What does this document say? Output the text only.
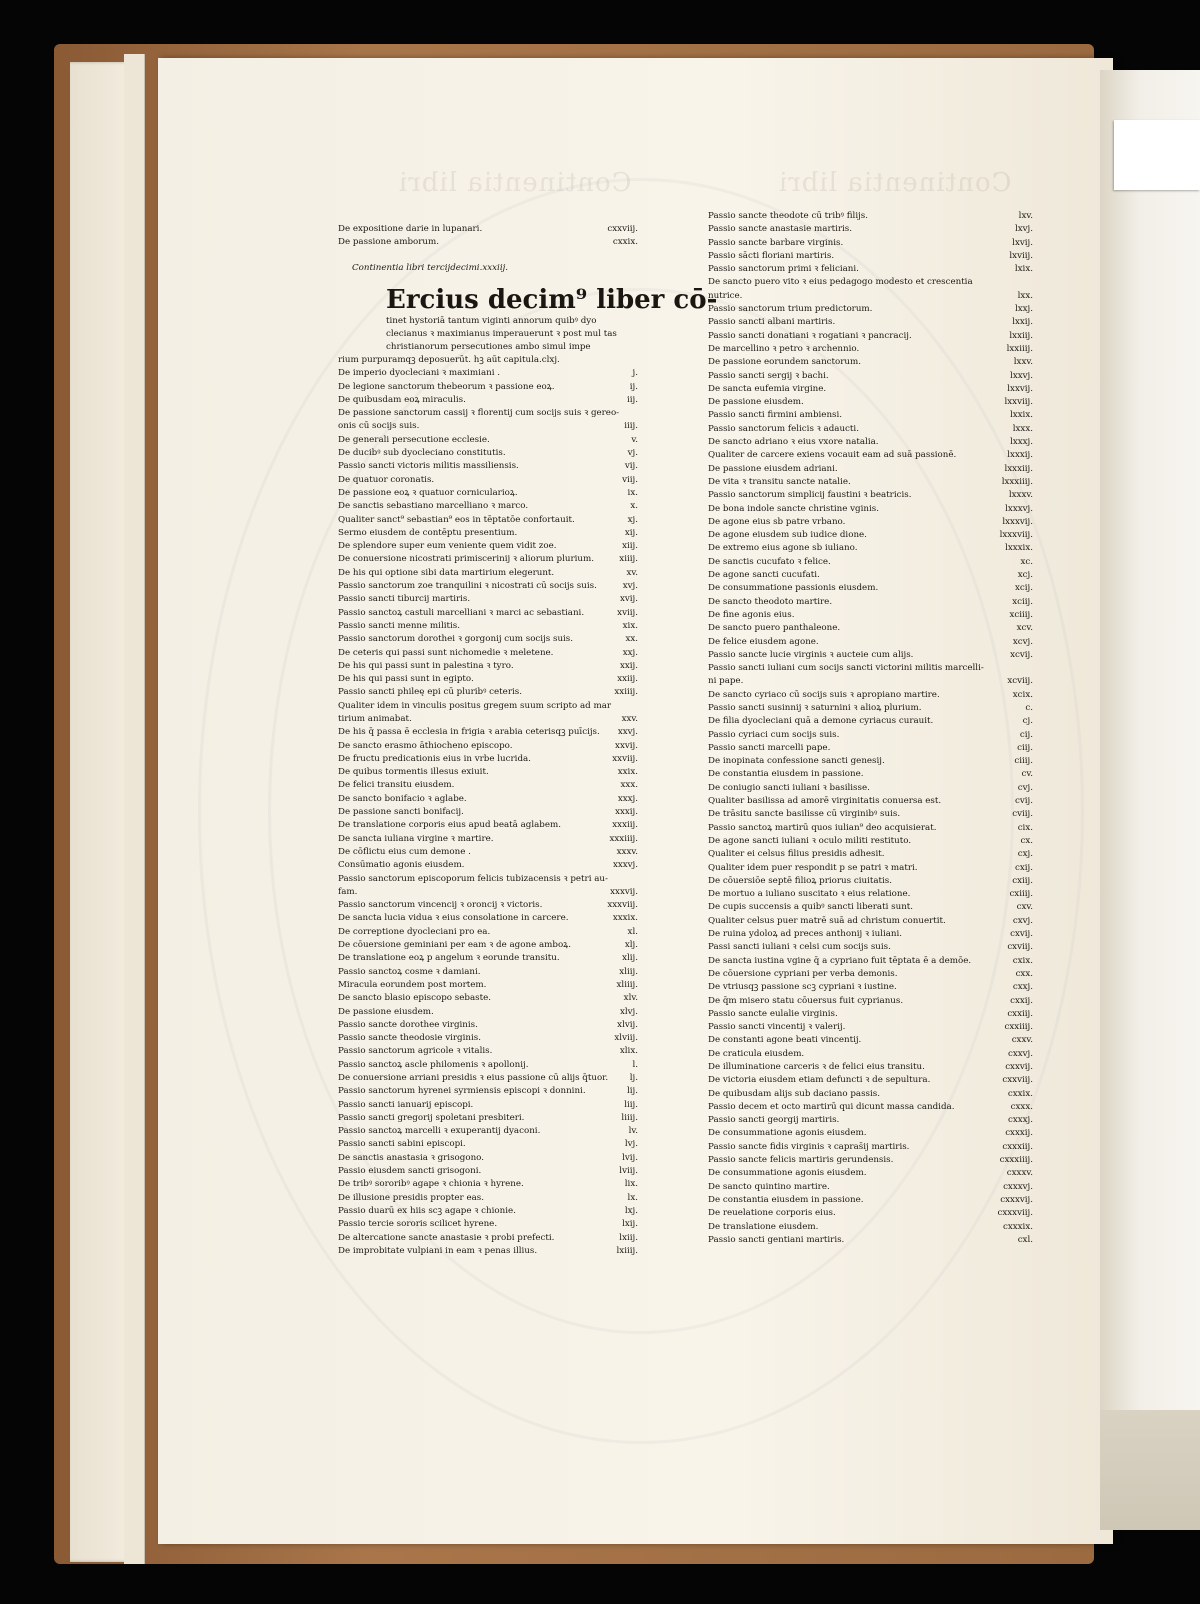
Continentia libri	Continentia libri
De expositione darie in lupanari.	cxxviij.
De passione amborum.	cxxix.
Continentia libri tercijdecimi.xxxiij.
Ercius decim⁹ liber cō-
tinet hystoriā tantum viginti annorum quibꝰ dyo clecianus ꝛ maximianus imperauerunt ꝛ post mul tas christianorum persecutiones ambo simul impe
rium purpuramqꝫ deposuerūt. hꝫ aūt capitula.clxj.
De imperio dyocleciani ꝛ maximiani .	j.
De legione sanctorum thebeorum ꝛ passione eoꝝ.	ij.
De quibusdam eoꝝ miraculis.	iij.
De passione sanctorum cassij ꝛ florentij cum socijs suis ꝛ gereo-
onis cū socijs suis.	iiij.
De generali persecutione ecclesie.	v.
De ducibꝰ sub dyocleciano constitutis.	vj.
Passio sancti victoris militis massiliensis.	vij.
De quatuor coronatis.	viij.
De passione eoꝝ ꝛ quatuor cornicularioꝝ.	ix.
De sanctis sebastiano marcelliano ꝛ marco.	x.
Qualiter sanct⁹ sebastian⁹ eos in tēptatōe confortauit.	xj.
Sermo eiusdem de contēptu presentium.	xij.
De splendore super eum veniente quem vidit zoe.	xiij.
De conuersione nicostrati primiscerinij ꝛ aliorum plurium.	xiiij.
De his qui optione sibi data martirium elegerunt.	xv.
Passio sanctorum zoe tranquilini ꝛ nicostrati cū socijs suis.	xvj.
Passio sancti tiburcij martiris.	xvij.
Passio sanctoꝝ castuli marcelliani ꝛ marci ac sebastiani.	xviij.
Passio sancti menne militis.	xix.
Passio sanctorum dorothei ꝛ gorgonij cum socijs suis.	xx.
De ceteris qui passi sunt nichomedie ꝛ meletene.	xxj.
De his qui passi sunt in palestina ꝛ tyro.	xxij.
De his qui passi sunt in egipto.	xxiij.
Passio sancti phileę epi cū pluribꝰ ceteris.	xxiiij.
Qualiter idem in vinculis positus gregem suum scripto ad mar
tirium animabat.	xxv.
De his q̄ passa ē ecclesia in frigia ꝛ arabia ceterisqꝫ puīcijs.	xxvj.
De sancto erasmo āthiocheno episcopo.	xxvij.
De fructu predicationis eius in vrbe lucrida.	xxviij.
De quibus tormentis illesus exiuit.	xxix.
De felici transitu eiusdem.	xxx.
De sancto bonifacio ꝛ aglabe.	xxxj.
De passione sancti bonifacij.	xxxij.
De translatione corporis eius apud beatā aglabem.	xxxiij.
De sancta iuliana virgine ꝛ martire.	xxxiiij.
De cōflictu eius cum demone .	xxxv.
Consūmatio agonis eiusdem.	xxxvj.
Passio sanctorum episcoporum felicis tubizacensis ꝛ petri au-
fam.	xxxvij.
Passio sanctorum vincencij ꝛ oroncij ꝛ victoris.	xxxviij.
De sancta lucia vidua ꝛ eius consolatione in carcere.	xxxix.
De correptione dyocleciani pro ea.	xl.
De cōuersione geminiani per eam ꝛ de agone amboꝝ.	xlj.
De translatione eoꝝ p angelum ꝛ eorunde transitu.	xlij.
Passio sanctoꝝ cosme ꝛ damiani.	xliij.
Miracula eorundem post mortem.	xliiij.
De sancto blasio episcopo sebaste.	xlv.
De passione eiusdem.	xlvj.
Passio sancte dorothee virginis.	xlvij.
Passio sancte theodosie virginis.	xlviij.
Passio sanctorum agricole ꝛ vitalis.	xlix.
Passio sanctoꝝ ascle philomenis ꝛ apollonij.	l.
De conuersione arriani presidis ꝛ eius passione cū alijs q̄tuor.	lj.
Passio sanctorum hyrenei syrmiensis episcopi ꝛ donnini.	lij.
Passio sancti ianuarij episcopi.	liij.
Passio sancti gregorij spoletani presbiteri.	liiij.
Passio sanctoꝝ marcelli ꝛ exuperantij dyaconi.	lv.
Passio sancti sabini episcopi.	lvj.
De sanctis anastasia ꝛ grisogono.	lvij.
Passio eiusdem sancti grisogoni.	lviij.
De tribꝰ sororibꝰ agape ꝛ chionia ꝛ hyrene.	lix.
De illusione presidis propter eas.	lx.
Passio duarū ex hiis scꝫ agape ꝛ chionie.	lxj.
Passio tercie sororis scilicet hyrene.	lxij.
De altercatione sancte anastasie ꝛ probi prefecti.	lxiij.
De improbitate vulpiani in eam ꝛ penas illius.	lxiiij.
Passio sancte theodote cū tribꝰ filijs.	lxv.
Passio sancte anastasie martiris.	lxvj.
Passio sancte barbare virginis.	lxvij.
Passio sācti floriani martiris.	lxviij.
Passio sanctorum primi ꝛ feliciani.	lxix.
De sancto puero vito ꝛ eius pedagogo modesto et crescentia
nutrice.	lxx.
Passio sanctorum trium predictorum.	lxxj.
Passio sancti albani martiris.	lxxij.
Passio sancti donatiani ꝛ rogatiani ꝛ pancracij.	lxxiij.
De marcellino ꝛ petro ꝛ archennio.	lxxiiij.
De passione eorundem sanctorum.	lxxv.
Passio sancti sergij ꝛ bachi.	lxxvj.
De sancta eufemia virgine.	lxxvij.
De passione eiusdem.	lxxviij.
Passio sancti firmini ambiensi.	lxxix.
Passio sanctorum felicis ꝛ adaucti.	lxxx.
De sancto adriano ꝛ eius vxore natalia.	lxxxj.
Qualiter de carcere exiens vocauit eam ad suā passionē.	lxxxij.
De passione eiusdem adriani.	lxxxiij.
De vita ꝛ transitu sancte natalie.	lxxxiiij.
Passio sanctorum simplicij faustini ꝛ beatricis.	lxxxv.
De bona indole sancte christine vginis.	lxxxvj.
De agone eius sb patre vrbano.	lxxxvij.
De agone eiusdem sub iudice dione.	lxxxviij.
De extremo eius agone sb iuliano.	lxxxix.
De sanctis cucufato ꝛ felice.	xc.
De agone sancti cucufati.	xcj.
De consummatione passionis eiusdem.	xcij.
De sancto theodoto martire.	xciij.
De fine agonis eius.	xciiij.
De sancto puero panthaleone.	xcv.
De felice eiusdem agone.	xcvj.
Passio sancte lucie virginis ꝛ aucteie cum alijs.	xcvij.
Passio sancti iuliani cum socijs sancti victorini militis marcelli-
ni pape.	xcviij.
De sancto cyriaco cū socijs suis ꝛ apropiano martire.	xcix.
Passio sancti susinnij ꝛ saturnini ꝛ alioꝝ plurium.	c.
De filia dyocleciani quā a demone cyriacus curauit.	cj.
Passio cyriaci cum socijs suis.	cij.
Passio sancti marcelli pape.	ciij.
De inopinata confessione sancti genesij.	ciiij.
De constantia eiusdem in passione.	cv.
De coniugio sancti iuliani ꝛ basilisse.	cvj.
Qualiter basilissa ad amorē virginitatis conuersa est.	cvij.
De trāsitu sancte basilisse cū virginibꝰ suis.	cviij.
Passio sanctoꝝ martirū quos iulian⁹ deo acquisierat.	cix.
De agone sancti iuliani ꝛ oculo militi restituto.	cx.
Qualiter ei celsus filius presidis adhesit.	cxj.
Qualiter idem puer respondit p se patri ꝛ matri.	cxij.
De cōuersiōe septē filioꝝ priorus ciuitatis.	cxiij.
De mortuo a iuliano suscitato ꝛ eius relatione.	cxiiij.
De cupis succensis a quibꝰ sancti liberati sunt.	cxv.
Qualiter celsus puer matrē suā ad christum conuertit.	cxvj.
De ruina ydoloꝝ ad preces anthonij ꝛ iuliani.	cxvij.
Passi sancti iuliani ꝛ celsi cum socijs suis.	cxviij.
De sancta iustina vgine q̄ a cypriano fuit tēptata ē a demōe.	cxix.
De cōuersione cypriani per verba demonis.	cxx.
De vtriusqꝫ passione scꝫ cypriani ꝛ iustine.	cxxj.
De q̄m misero statu cōuersus fuit cyprianus.	cxxij.
Passio sancte eulalie virginis.	cxxiij.
Passio sancti vincentij ꝛ valerij.	cxxiiij.
De constanti agone beati vincentij.	cxxv.
De craticula eiusdem.	cxxvj.
De illuminatione carceris ꝛ de felici eius transitu.	cxxvij.
De victoria eiusdem etiam defuncti ꝛ de sepultura.	cxxviij.
De quibusdam alijs sub daciano passis.	cxxix.
Passio decem et octo martirū qui dicunt massa candida.	cxxx.
Passio sancti georgij martiris.	cxxxj.
De consummatione agonis eiusdem.	cxxxij.
Passio sancte fidis virginis ꝛ capras̄ij martiris.	cxxxiij.
Passio sancte felicis martiris gerundensis.	cxxxiiij.
De consummatione agonis eiusdem.	cxxxv.
De sancto quintino martire.	cxxxvj.
De constantia eiusdem in passione.	cxxxvij.
De reuelatione corporis eius.	cxxxviij.
De translatione eiusdem.	cxxxix.
Passio sancti gentiani martiris.	cxl.
